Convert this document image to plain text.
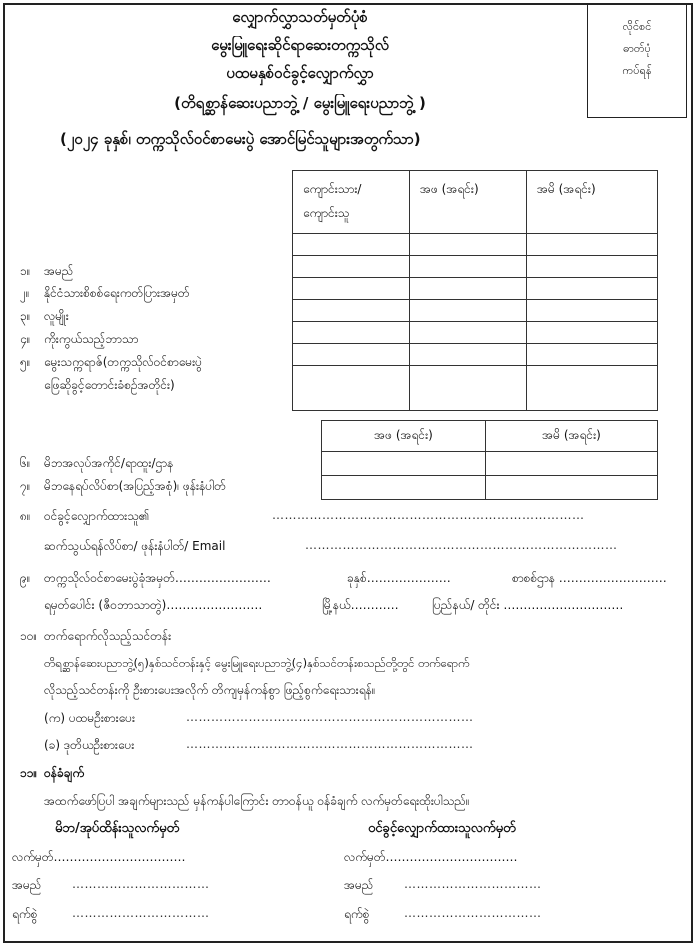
လျှောက်လွှာသတ်မှတ်ပုံစံ
မွေးမြူရေးဆိုင်ရာဆေးတက္ကသိုလ်
ပထမနှစ်ဝင်ခွင့်လျှောက်လွှာ
(တိရစ္ဆာန်ဆေးပညာဘွဲ့ / မွေးမြူရေးပညာဘွဲ့ )
(၂၀၂၄ ခုနှစ်၊ တက္ကသိုလ်ဝင်စာမေးပွဲ အောင်မြင်သူများအတွက်သာ)
လိုင်စင်
ဓာတ်ပုံ
ကပ်ရန်
ကျောင်းသား/
ကျောင်းသူ	အဖ (အရင်း)	အမိ (အရင်း)

၁။ အမည်
၂။ နိုင်ငံသားစိစစ်ရေးကတ်ပြားအမှတ်
၃။ လူမျိုး
၄။ ကိုးကွယ်သည့်ဘာသာ
၅။ မွေးသက္ကရာဇ်(တက္ကသိုလ်ဝင်စာမေးပွဲ
ဖြေဆိုခွင့်တောင်းခံစဉ်အတိုင်း)
အဖ (အရင်း)	အမိ (အရင်း)

၆။ မိဘအလုပ်အကိုင်/ရာထူး/ဌာန
၇။ မိဘနေရပ်လိပ်စာ(အပြည့်အစုံ)၊ ဖုန်းနံပါတ်
၈။ ဝင်ခွင့်လျှောက်ထားသူ၏	…………………………………………………………………
ဆက်သွယ်ရန်လိပ်စာ/ ဖုန်းနံပါတ်/ Email	…………………………………………………………………
၉။ တက္ကသိုလ်ဝင်စာမေးပွဲခုံအမှတ်……………………	ခုနှစ်…………………	စာစစ်ဌာန ………………………
ရမှတ်ပေါင်း (ဇီဝဘာသာတွဲ)……………………	မြို့နယ်…………	ပြည်နယ်/ တိုင်း …………………………
၁၀။ တက်ရောက်လိုသည့်သင်တန်း
တိရစ္ဆာန်ဆေးပညာဘွဲ့(၅)နှစ်သင်တန်းနှင့် မွေးမြူရေးပညာဘွဲ့(၄)နှစ်သင်တန်းစသည်တို့တွင် တက်ရောက်
လိုသည့်သင်တန်းကို ဦးစားပေးအလိုက် တိကျမှန်ကန်စွာ ဖြည့်စွက်ရေးသားရန်။
(က) ပထမဦးစားပေး	……………………………………………………………
(ခ) ဒုတိယဦးစားပေး	……………………………………………………………
၁၁။ ဝန်ခံချက်
အထက်ဖော်ပြပါ အချက်များသည် မှန်ကန်ပါကြောင်း တာဝန်ယူ ဝန်ခံချက် လက်မှတ်ရေးထိုးပါသည်။
မိဘ/အုပ်ထိန်းသူလက်မှတ်	ဝင်ခွင့်လျှောက်ထားသူလက်မှတ်
လက်မှတ်……………………………
အမည်	……………………………
ရက်စွဲ	……………………………
လက်မှတ်……………………………
အမည်	……………………………
ရက်စွဲ	……………………………
